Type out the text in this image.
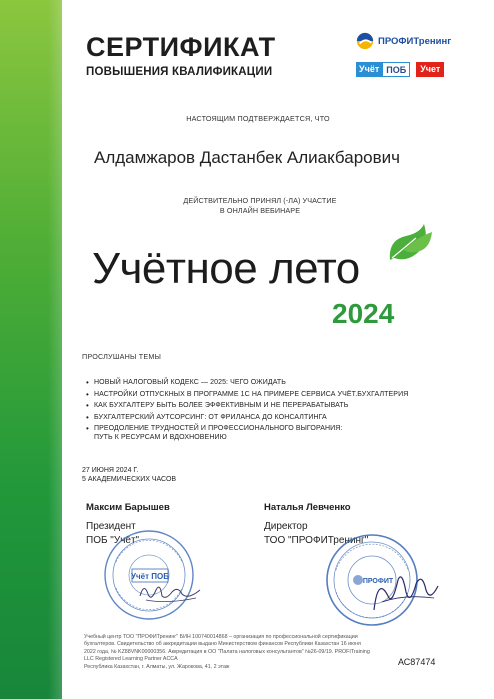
СЕРТИФИКАТ
ПОВЫШЕНИЯ КВАЛИФИКАЦИИ
ПРОФИТренинг
Учёт ПОБ	Учет
НАСТОЯЩИМ ПОДТВЕРЖДАЕТСЯ, ЧТО
Алдамжаров Дастанбек Алиакбарович
ДЕЙСТВИТЕЛЬНО ПРИНЯЛ (-ЛА) УЧАСТИЕ
В ОНЛАЙН ВЕБИНАРЕ
Учётное лето
2024
ПРОСЛУШАНЫ ТЕМЫ
• НОВЫЙ НАЛОГОВЫЙ КОДЕКС — 2025: ЧЕГО ОЖИДАТЬ
• НАСТРОЙКИ ОТПУСКНЫХ В ПРОГРАММЕ 1С НА ПРИМЕРЕ СЕРВИСА УЧЁТ.БУХГАЛТЕРИЯ
• КАК БУХГАЛТЕРУ БЫТЬ БОЛЕЕ ЭФФЕКТИВНЫМ И НЕ ПЕРЕРАБАТЫВАТЬ
• БУХГАЛТЕРСКИЙ АУТСОРСИНГ: ОТ ФРИЛАНСА ДО КОНСАЛТИНГА
• ПРЕОДОЛЕНИЕ ТРУДНОСТЕЙ И ПРОФЕССИОНАЛЬНОГО ВЫГОРАНИЯ:
ПУТЬ К РЕСУРСАМ И ВДОХНОВЕНИЮ
27 ИЮНЯ 2024 Г.
5 АКАДЕМИЧЕСКИХ ЧАСОВ
Максим Барышев
Президент
ПОБ "Учёт"
Наталья Левченко
Директор
ТОО "ПРОФИТренинг"
Учёт ПОБ
ПРОФИТ
Учебный центр ТОО "ПРОФИТренинг" БИН 100740014868 – организация по профессиональной сертификации
бухгалтеров. Свидетельство об аккредитации выдано Министерством финансов Республики Казахстан 16 июня
2022 года, № KZ88VNK00000356. Аккредитация в ОО "Палата налоговых консультантов" №26-09/19. PROFITraining
LLC Registered Learning Partner ACCA
Республика Казахстан, г. Алматы, ул. Жарокова, 41, 2 этаж	АС87474
